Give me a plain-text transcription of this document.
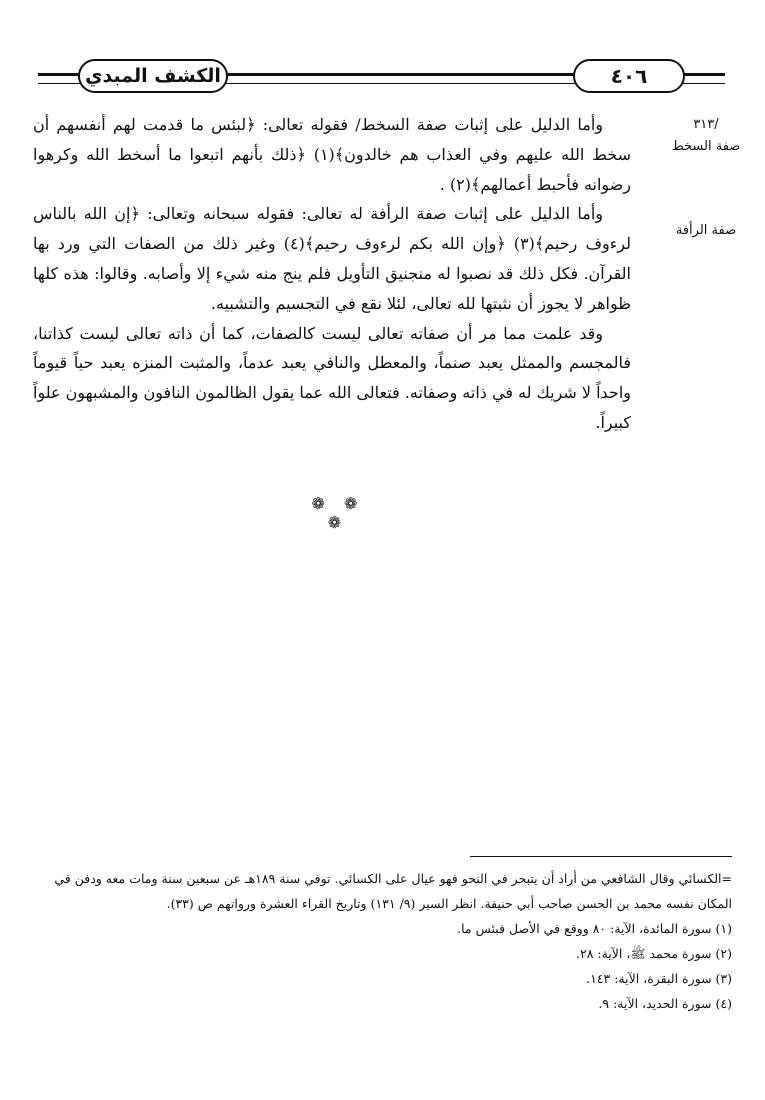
الكشف المبدي	٤٠٦
٣١٣/
صفة السخط
صفة الرأفة

وأما الدليل على إثبات صفة السخط/ فقوله تعالى: ﴿لبئس ما قدمت لهم أنفسهم أن سخط الله عليهم وفي العذاب هم خالدون﴾(١) ﴿ذلك بأنهم اتبعوا ما أسخط الله وكرهوا رضوانه فأحبط أعمالهم﴾(٢) .

وأما الدليل على إثبات صفة الرأفة له تعالى: فقوله سبحانه وتعالى: ﴿إن الله بالناس لرءوف رحيم﴾(٣) ﴿وإن الله بكم لرءوف رحيم﴾(٤) وغير ذلك من الصفات التي ورد بها القرآن. فكل ذلك قد نصبوا له منجنيق التأويل فلم ينج منه شيء إلا وأصابه. وقالوا: هذه كلها ظواهر لا يجوز أن نثبتها لله تعالى، لئلا نقع في التجسيم والتشبيه.

وقد علمت مما مر أن صفاته تعالى ليست كالصفات، كما أن ذاته تعالى ليست كذاتنا، فالمجسم والممثل يعبد صنماً، والمعطل والنافي يعبد عدماً، والمثبت المنزه يعبد حياً قيوماً واحداً لا شريك له في ذاته وصفاته. فتعالى الله عما يقول الظالمون النافون والمشبهون علواً كبيراً.

❁ ❁ ❁

=الكسائي وقال الشافعي من أراد أن يتبحر في النحو فهو عيال على الكسائي. توفي سنة ١٨٩هـ عن سبعين سنة ومات معه ودفن في المكان نفسه محمد بن الحسن صاحب أبي حنيفة. انظر السير (٩/ ١٣١) وتاريخ القراء العشرة ورواتهم ص (٣٣).

(١) سورة المائدة، الآية: ٨٠ ووقع في الأصل فبئس ما.

(٢) سورة محمد ﷺ، الآية: ٢٨.

(٣) سورة البقرة، الآية: ١٤٣.

(٤) سورة الحديد، الآية: ٩.
